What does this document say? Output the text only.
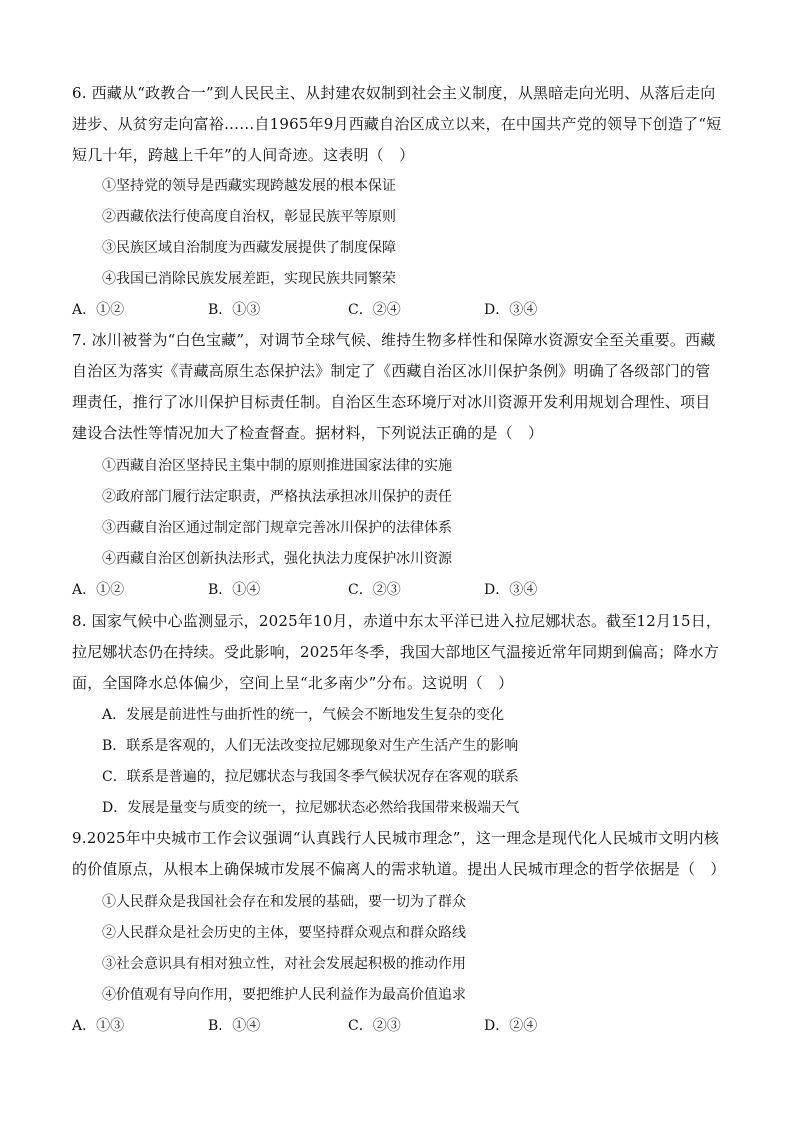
6. 西藏从“政教合一”到人民民主、从封建农奴制到社会主义制度，从黑暗走向光明、从落后走向进步、从贫穷走向富裕……自1965年9月西藏自治区成立以来，在中国共产党的领导下创造了“短短几十年，跨越上千年”的人间奇迹。这表明（　）
①坚持党的领导是西藏实现跨越发展的根本保证
②西藏依法行使高度自治权，彰显民族平等原则
③民族区域自治制度为西藏发展提供了制度保障
④我国已消除民族发展差距，实现民族共同繁荣
A．①②	B．①③	C．②④	D．③④
7. 冰川被誉为“白色宝藏”，对调节全球气候、维持生物多样性和保障水资源安全至关重要。西藏自治区为落实《青藏高原生态保护法》制定了《西藏自治区冰川保护条例》明确了各级部门的管理责任，推行了冰川保护目标责任制。自治区生态环境厅对冰川资源开发利用规划合理性、项目建设合法性等情况加大了检查督查。据材料，下列说法正确的是（　）
①西藏自治区坚持民主集中制的原则推进国家法律的实施
②政府部门履行法定职责，严格执法承担冰川保护的责任
③西藏自治区通过制定部门规章完善冰川保护的法律体系
④西藏自治区创新执法形式，强化执法力度保护冰川资源
A．①②	B．①④	C．②③	D．③④
8. 国家气候中心监测显示，2025年10月，赤道中东太平洋已进入拉尼娜状态。截至12月15日，拉尼娜状态仍在持续。受此影响，2025年冬季，我国大部地区气温接近常年同期到偏高；降水方面，全国降水总体偏少，空间上呈“北多南少”分布。这说明（　）
A．发展是前进性与曲折性的统一，气候会不断地发生复杂的变化
B．联系是客观的，人们无法改变拉尼娜现象对生产生活产生的影响
C．联系是普遍的，拉尼娜状态与我国冬季气候状况存在客观的联系
D．发展是量变与质变的统一，拉尼娜状态必然给我国带来极端天气
9.2025年中央城市工作会议强调“认真践行人民城市理念”，这一理念是现代化人民城市文明内核的价值原点，从根本上确保城市发展不偏离人的需求轨道。提出人民城市理念的哲学依据是（　）
①人民群众是我国社会存在和发展的基础，要一切为了群众
②人民群众是社会历史的主体，要坚持群众观点和群众路线
③社会意识具有相对独立性，对社会发展起积极的推动作用
④价值观有导向作用，要把维护人民利益作为最高价值追求
A．①③	B．①④	C．②③	D．②④
